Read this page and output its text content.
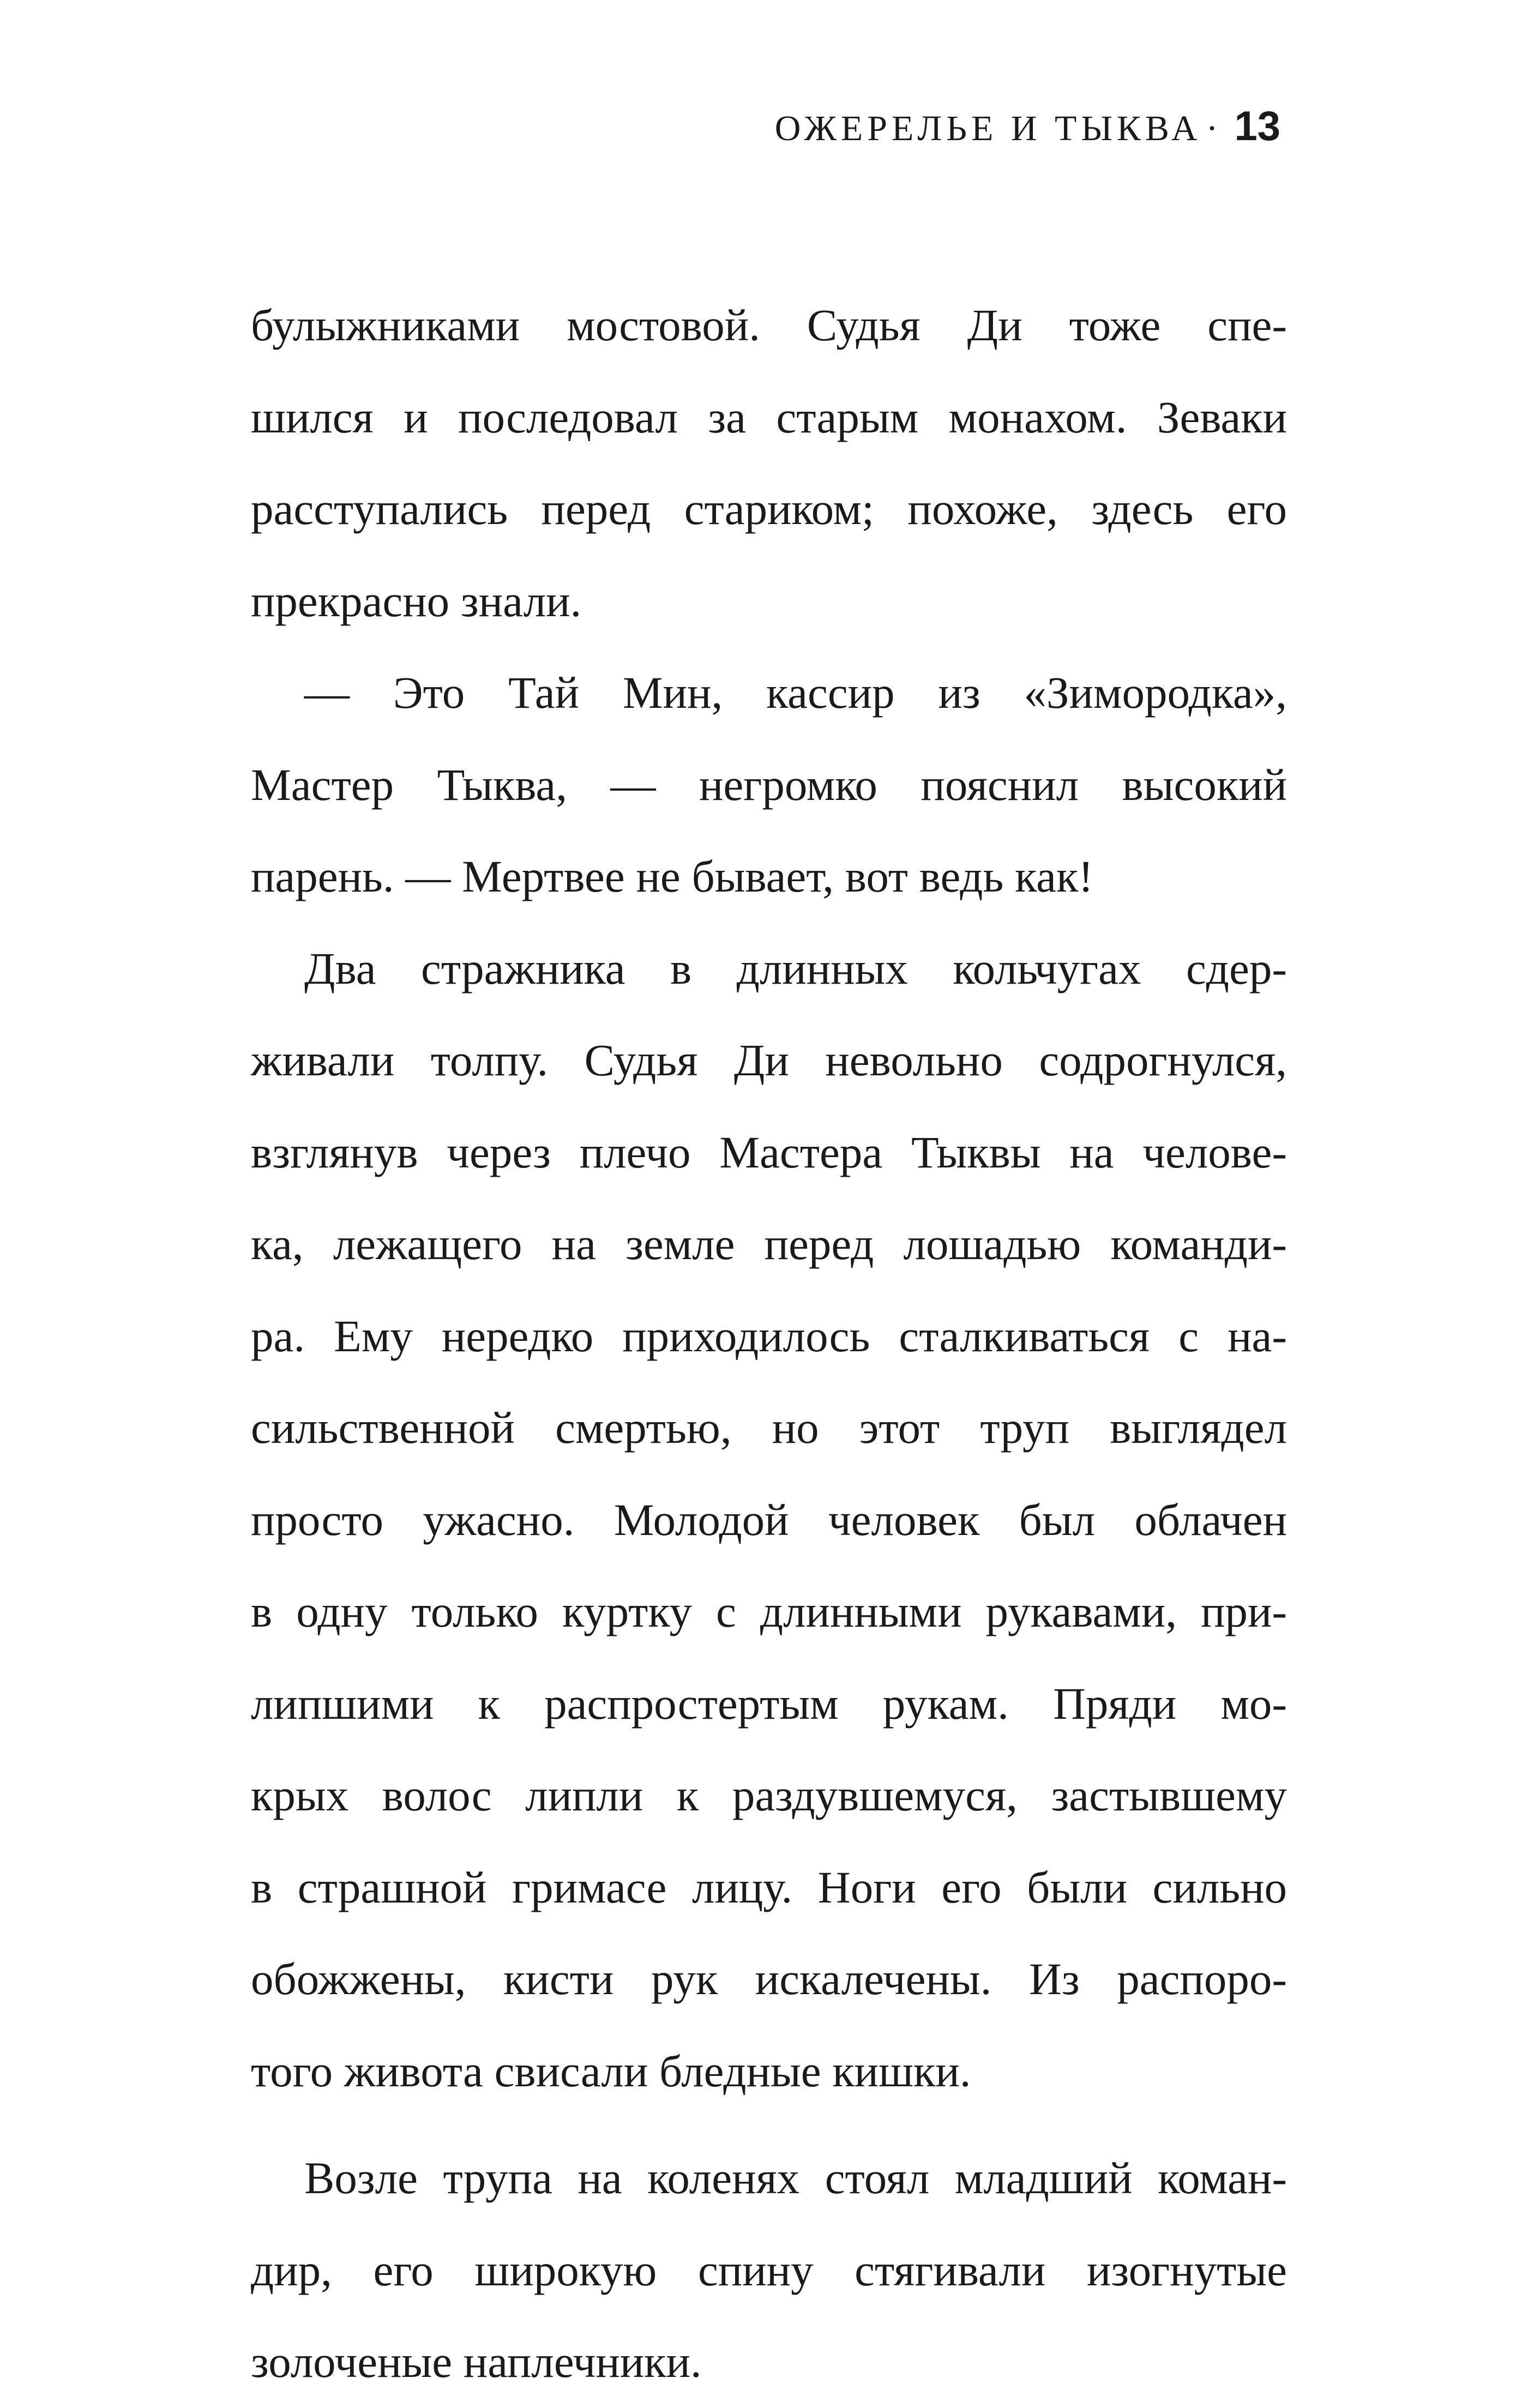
ОЖЕРЕЛЬЕ И ТЫКВА · 13

булыжниками мостовой. Судья Ди тоже спе-
шился и последовал за старым монахом. Зеваки
расступались перед стариком; похоже, здесь его
прекрасно знали.

— Это Тай Мин, кассир из «Зимородка»,
Мастер Тыква, — негромко пояснил высокий
парень. — Мертвее не бывает, вот ведь как!

Два стражника в длинных кольчугах сдер-
живали толпу. Судья Ди невольно содрогнулся,
взглянув через плечо Мастера Тыквы на челове-
ка, лежащего на земле перед лошадью команди-
ра. Ему нередко приходилось сталкиваться с на-
сильственной смертью, но этот труп выглядел
просто ужасно. Молодой человек был облачен
в одну только куртку с длинными рукавами, при-
липшими к распростертым рукам. Пряди мо-
крых волос липли к раздувшемуся, застывшему
в страшной гримасе лицу. Ноги его были сильно
обожжены, кисти рук искалечены. Из распоро-
того живота свисали бледные кишки.

Возле трупа на коленях стоял младший коман-
дир, его широкую спину стягивали изогнутые
золоченые наплечники.
